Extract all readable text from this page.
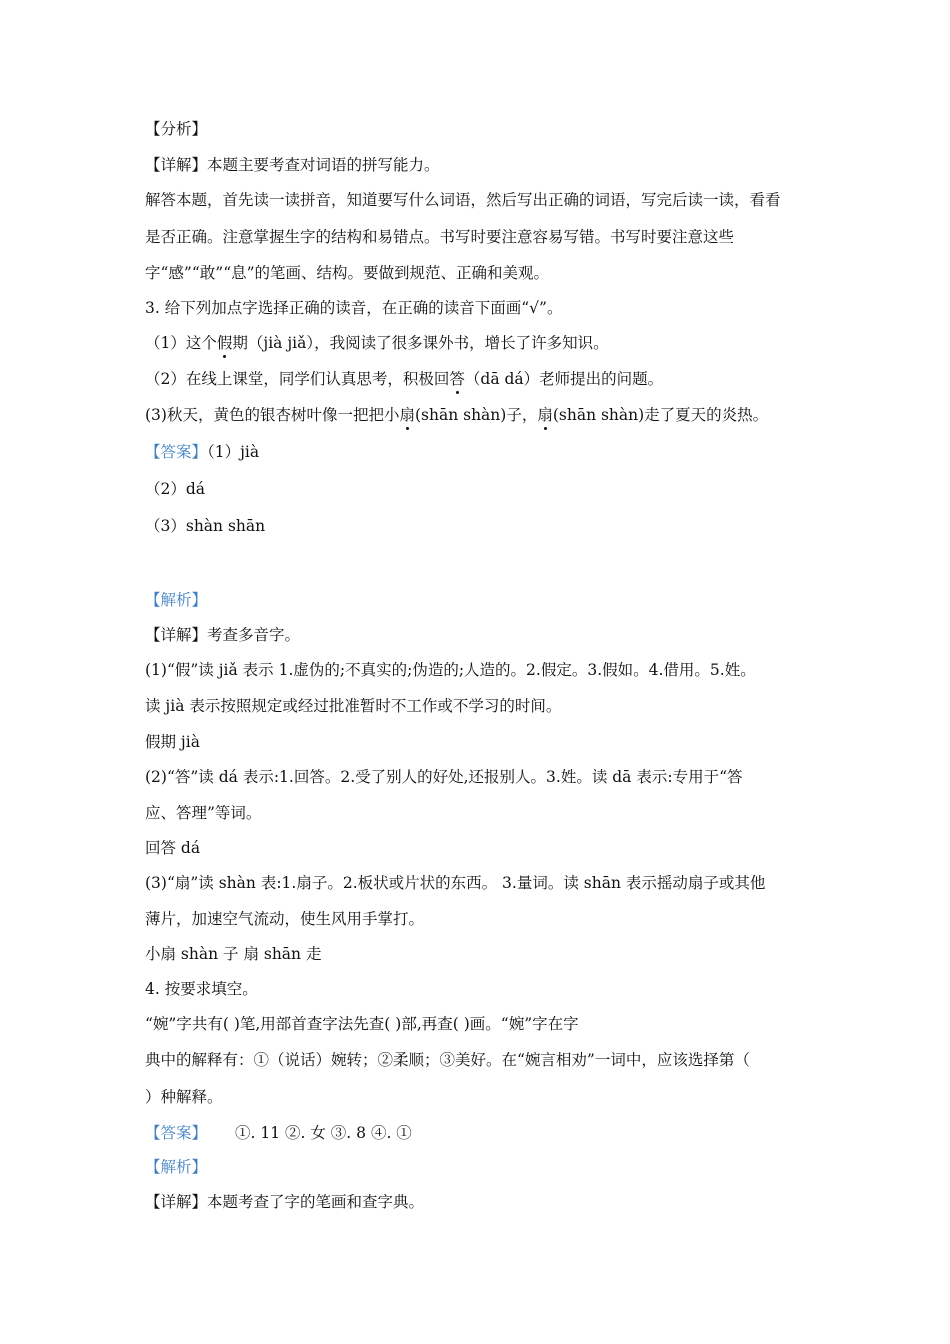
【分析】
【详解】本题主要考查对词语的拼写能力。
解答本题，首先读一读拼音，知道要写什么词语，然后写出正确的词语，写完后读一读，看看
是否正确。注意掌握生字的结构和易错点。书写时要注意容易写错。书写时要注意这些
字“感”“敢”“息”的笔画、结构。要做到规范、正确和美观。
3. 给下列加点字选择正确的读音，在正确的读音下面画“√”。
（1）这个假期（jià jiǎ），我阅读了很多课外书，增长了许多知识。
（2）在线上课堂，同学们认真思考，积极回答（dā dá）老师提出的问题。
(3)秋天，黄色的银杏树叶像一把把小扇(shān shàn)子，扇(shān shàn)走了夏天的炎热。
【答案】（1）jià
（2）dá
（3）shàn shān
【解析】
【详解】考查多音字。
(1)“假”读 jiǎ 表示 1.虚伪的;不真实的;伪造的;人造的。2.假定。3.假如。4.借用。5.姓。
读 jià 表示按照规定或经过批准暂时不工作或不学习的时间。
假期 jià
(2)“答”读 dá 表示:1.回答。2.受了别人的好处,还报别人。3.姓。读 dā 表示:专用于“答
应、答理”等词。
回答 dá
(3)“扇”读 shàn 表:1.扇子。2.板状或片状的东西。 3.量词。读 shān 表示摇动扇子或其他
薄片，加速空气流动，使生风用手掌打。
小扇 shàn 子 扇 shān 走
4. 按要求填空。
“婉”字共有( )笔,用部首查字法先查( )部,再查( )画。“婉”字在字
典中的解释有：①（说话）婉转；②柔顺；③美好。在“婉言相劝”一词中，应该选择第（
）种解释。
【答案】 ①. 11 ②. 女 ③. 8 ④. ①
【解析】
【详解】本题考查了字的笔画和查字典。
